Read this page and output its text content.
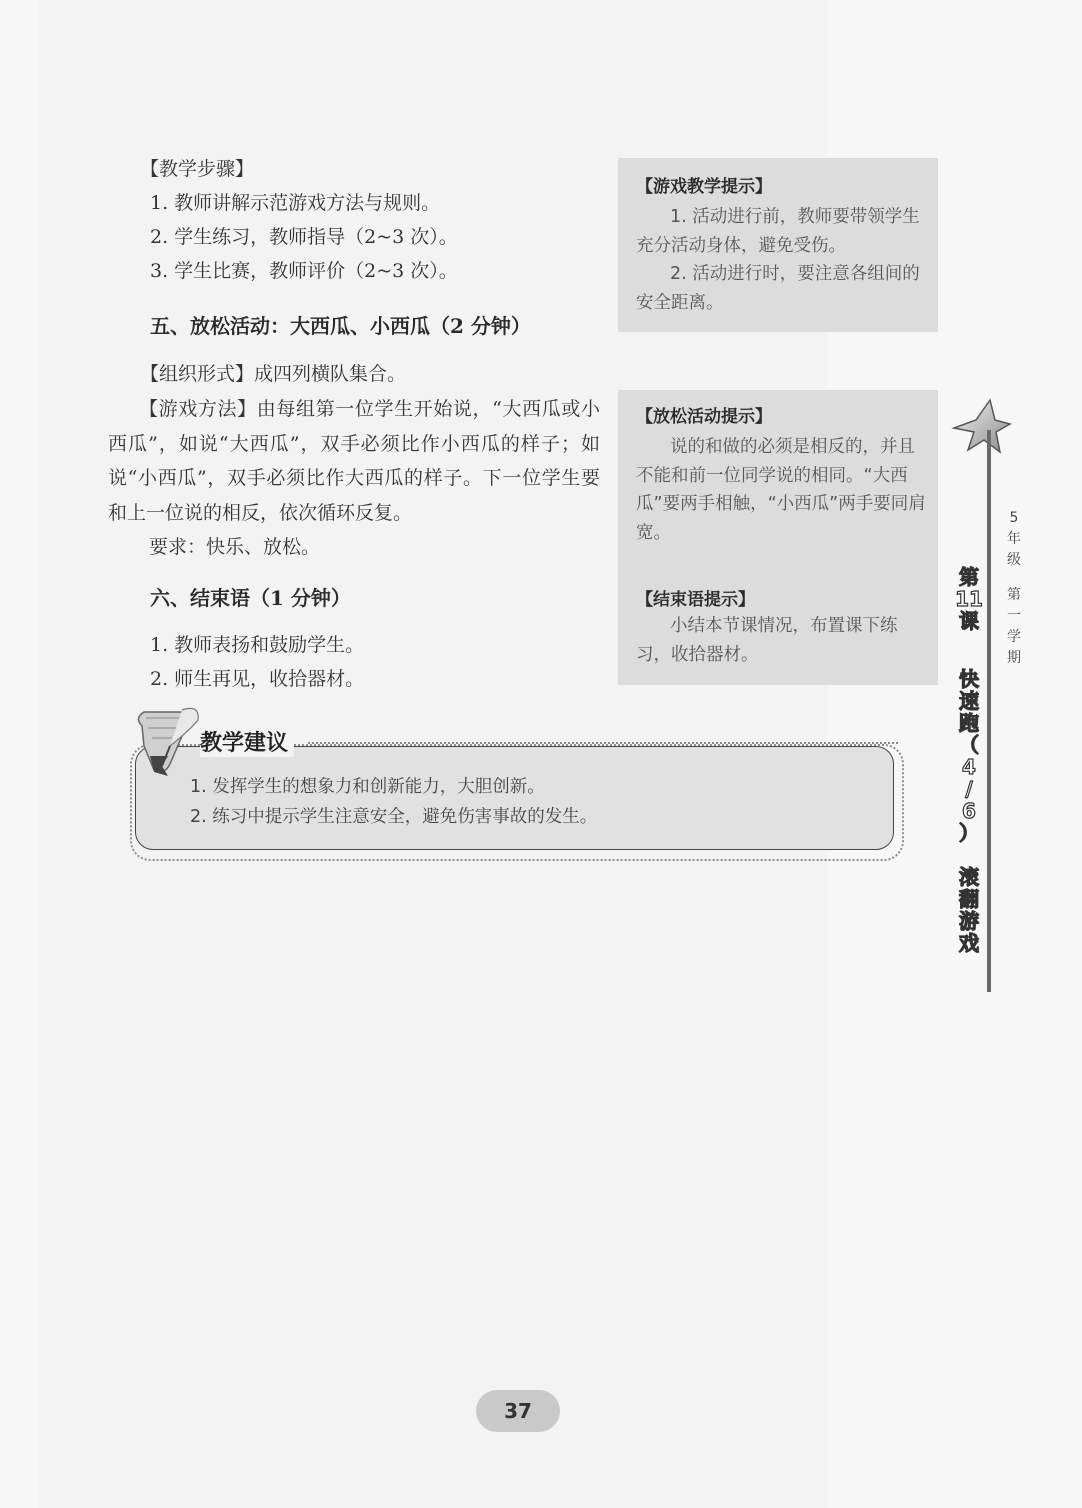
【教学步骤】

1. 教师讲解示范游戏方法与规则。

2. 学生练习，教师指导（2~3 次）。

3. 学生比赛，教师评价（2~3 次）。

五、放松活动：大西瓜、小西瓜（2 分钟）

【组织形式】成四列横队集合。

【游戏方法】由每组第一位学生开始说，“大西瓜或小西瓜”，如说“大西瓜”，双手必须比作小西瓜的样子；如说“小西瓜”，双手必须比作大西瓜的样子。下一位学生要和上一位说的相反，依次循环反复。

要求：快乐、放松。

六、结束语（1 分钟）

1. 教师表扬和鼓励学生。

2. 师生再见，收拾器材。

【游戏教学提示】

1. 活动进行前，教师要带领学生充分活动身体，避免受伤。

2. 活动进行时，要注意各组间的安全距离。

【放松活动提示】

说的和做的必须是相反的，并且不能和前一位同学说的相同。“大西瓜”要两手相触，“小西瓜”两手要同肩宽。

【结束语提示】

小结本节课情况，布置课下练习，收拾器材。

教学建议
1. 发挥学生的想象力和创新能力，大胆创新。
2. 练习中提示学生注意安全，避免伤害事故的发生。
第
11
课
快
速
跑
（
4
/
6
）
滚
翻
游
戏
5
年
级
第
一
学
期
37
